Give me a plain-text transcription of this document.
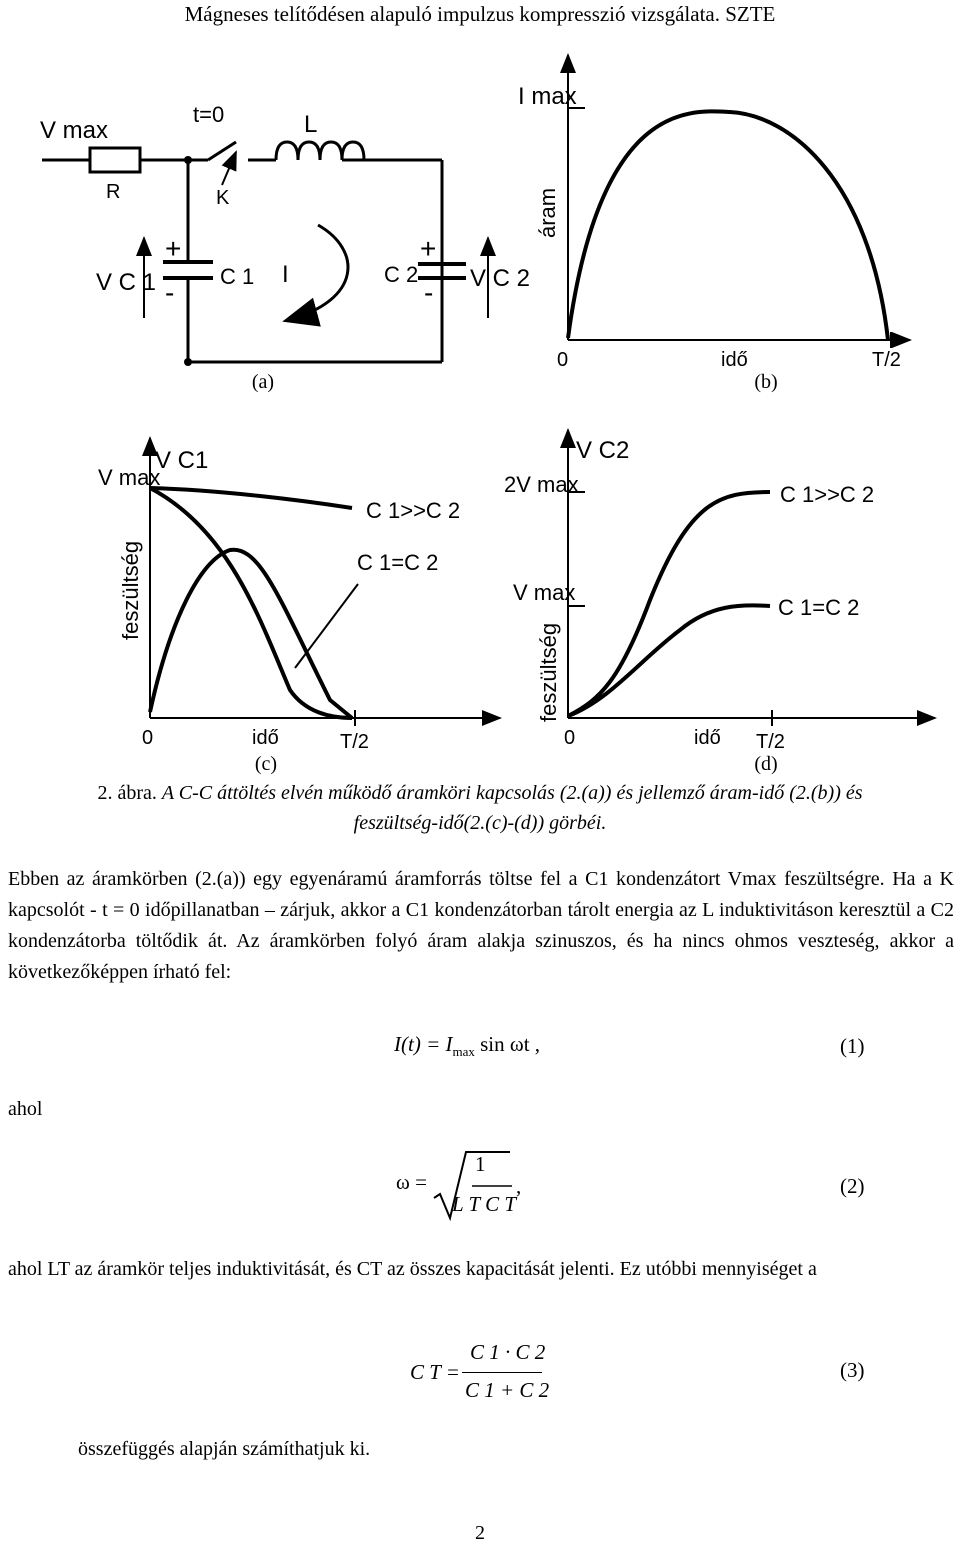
Mágneses telítődésen alapuló impulzus kompresszió vizsgálata. SZTE
V max
t=0	L
R	K
V C 1
+
-
C 1 I	C 2
+
- V C 2
(a)
I max
áram
0	idő	T/2
(b)
V max
V C1
feszültség
C 1>>C 2
C 1=C 2
0	idő	T/2
(c)
V C2
2V max
V max
feszültség
C 1>>C 2
C 1=C 2
0	idő T/2
(d)
2. ábra. A C-C áttöltés elvén működő áramköri kapcsolás (2.(a)) és jellemző áram-idő (2.(b)) és feszültség-idő(2.(c)-(d)) görbéi.
Ebben az áramkörben (2.(a)) egy egyenáramú áramforrás töltse fel a C1 kondenzátort Vmax feszültségre. Ha a K kapcsolót - t = 0 időpillanatban – zárjuk, akkor a C1 kondenzátorban tárolt energia az L induktivitáson keresztül a C2 kondenzátorba töltődik át. Az áramkörben folyó áram alakja szinuszos, és ha nincs ohmos veszteség, akkor a következőképpen írható fel:
$I(t) = I_{max}$ sin ωt ,	(1)
ahol
ω =
1
L T C T
,	(2)
ahol LT az áramkör teljes induktivitását, és CT az összes kapacitását jelenti. Ez utóbbi mennyiséget a
C T =
C 1 · C 2
C 1 + C 2
(3)
összefüggés alapján számíthatjuk ki.
2
